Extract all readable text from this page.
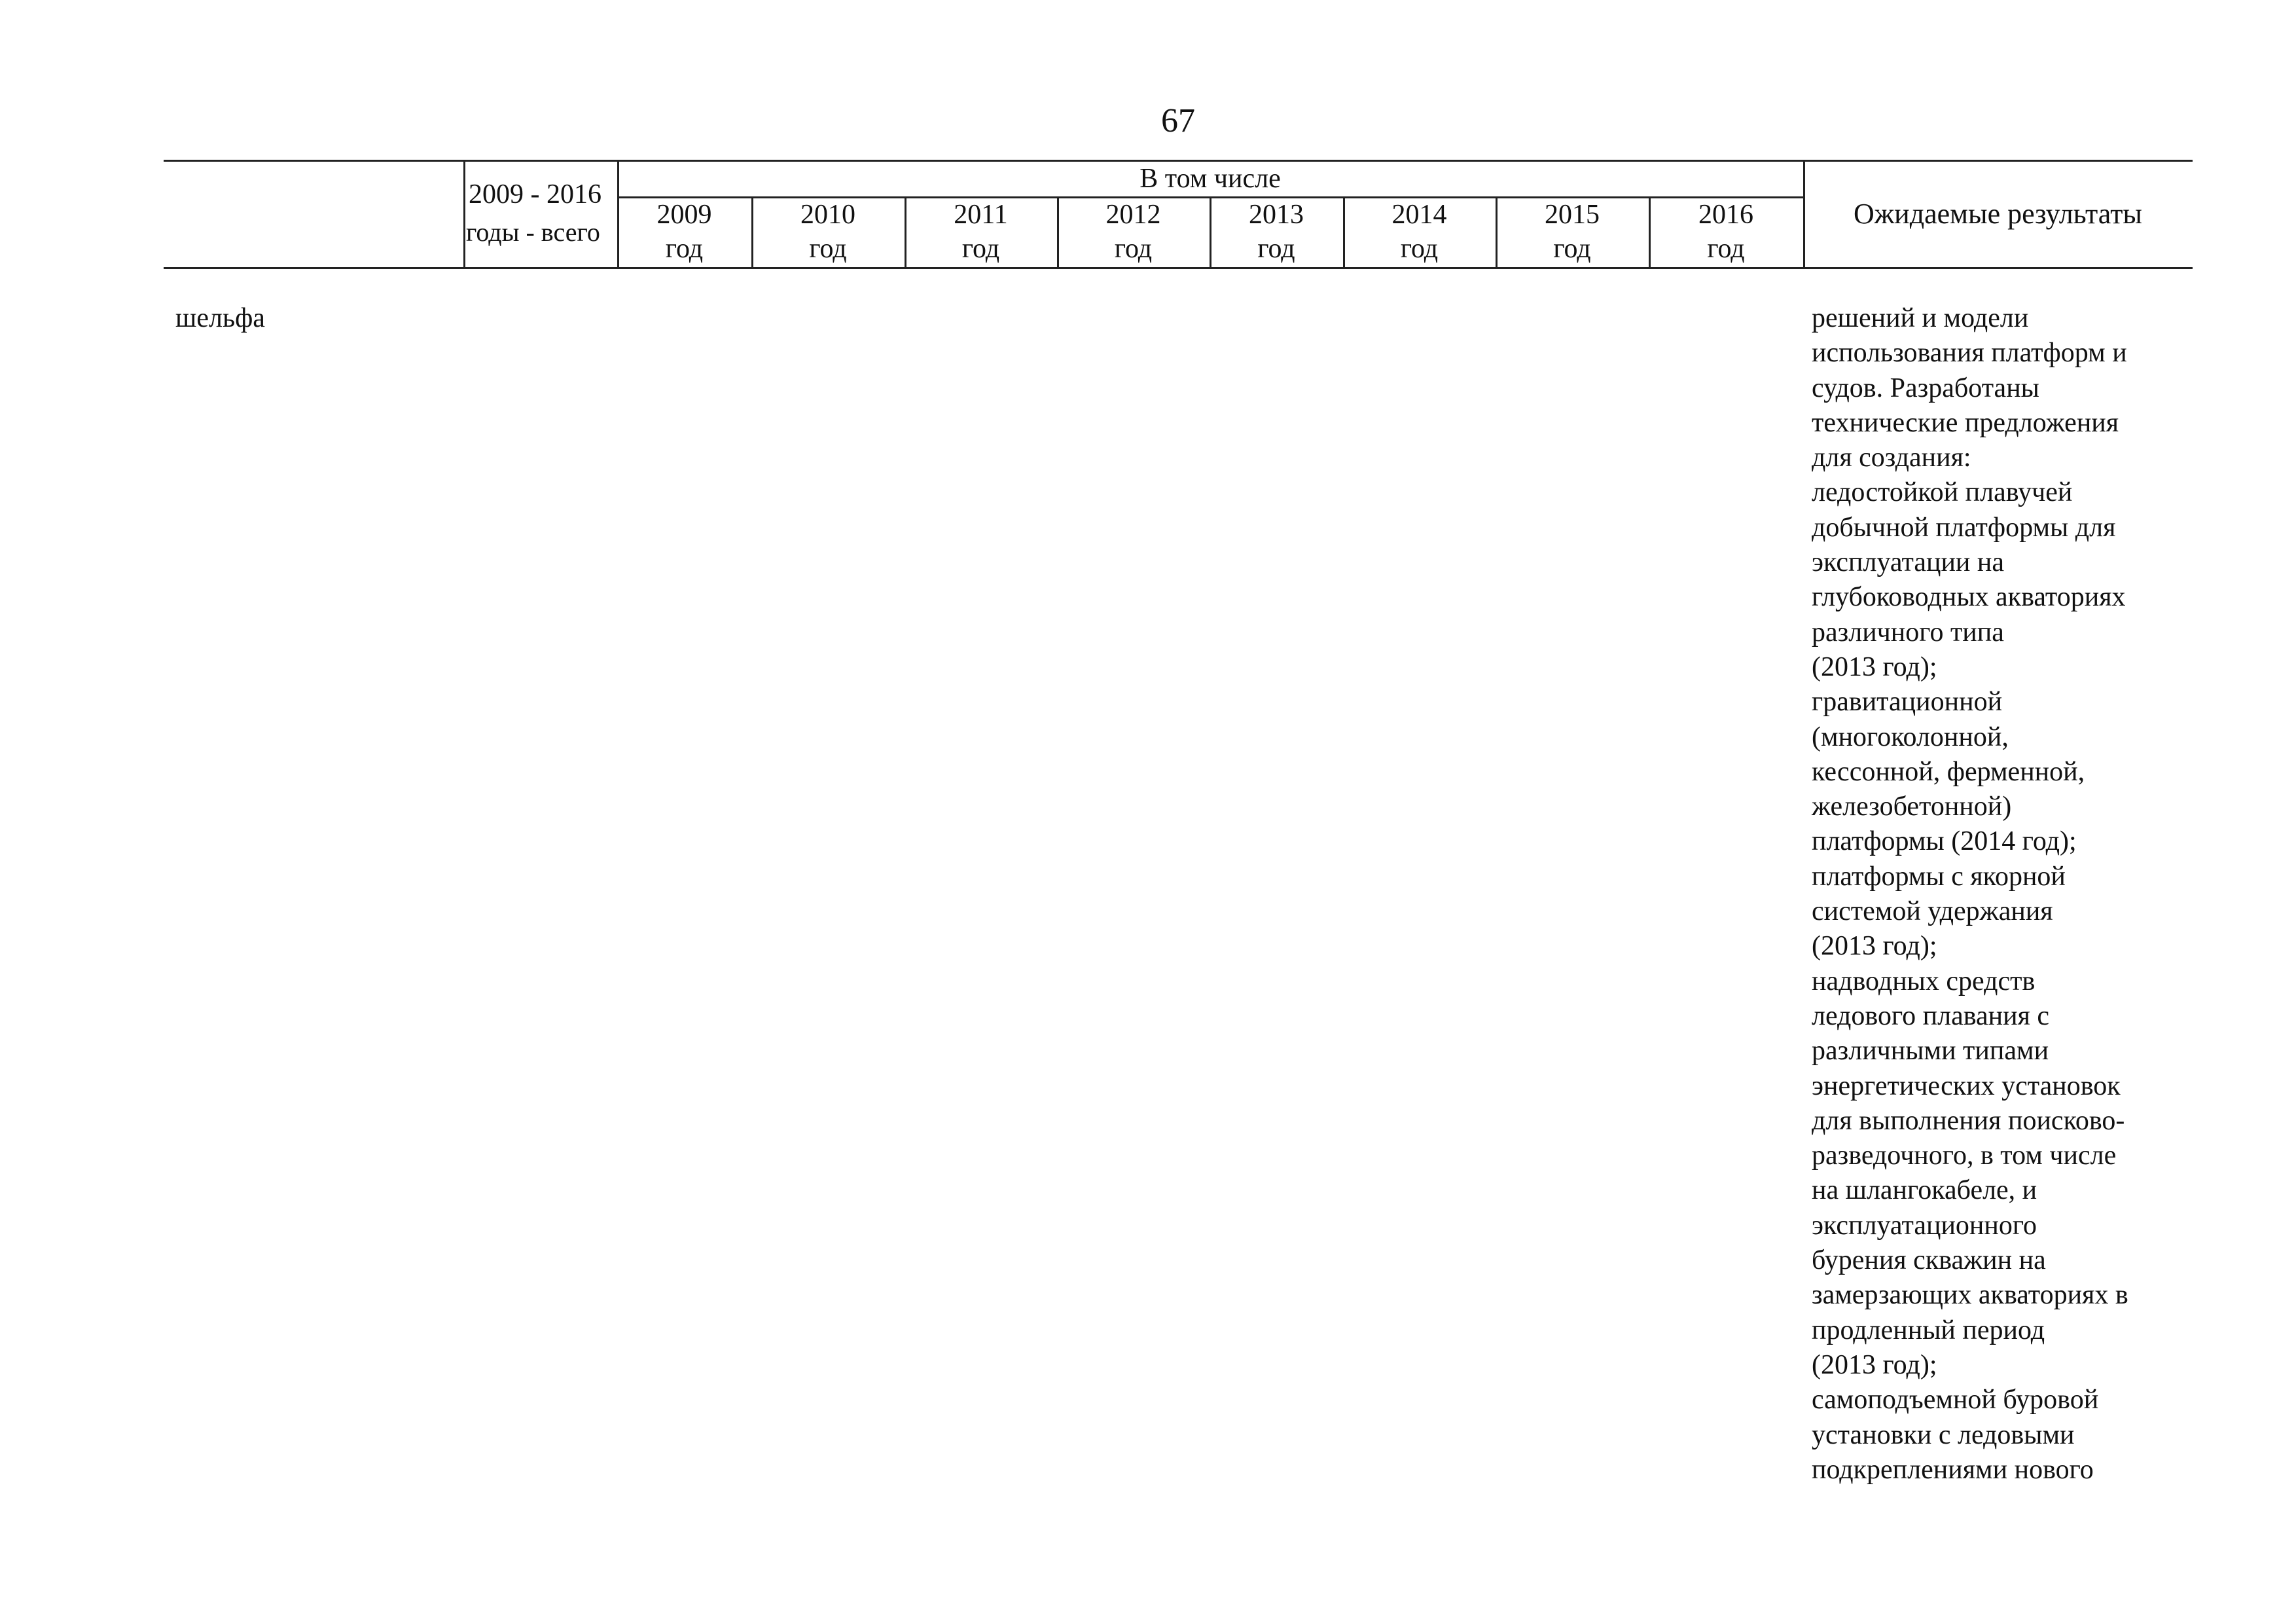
67
2009 - 2016
годы - всего
В том числе
2009
год
2010
год
2011
год
2012
год
2013
год
2014
год
2015
год
2016
год
Ожидаемые результаты
шельфа	решений и модели
использования платформ и
судов. Разработаны
технические предложения
для создания:
ледостойкой плавучей
добычной платформы для
эксплуатации на
глубоководных акваториях
различного типа
(2013 год);
гравитационной
(многоколонной,
кессонной, ферменной,
железобетонной)
платформы (2014 год);
платформы с якорной
системой удержания
(2013 год);
надводных средств
ледового плавания с
различными типами
энергетических установок
для выполнения поисково-
разведочного, в том числе
на шлангокабеле, и
эксплуатационного
бурения скважин на
замерзающих акваториях в
продленный период
(2013 год);
самоподъемной буровой
установки с ледовыми
подкреплениями нового
